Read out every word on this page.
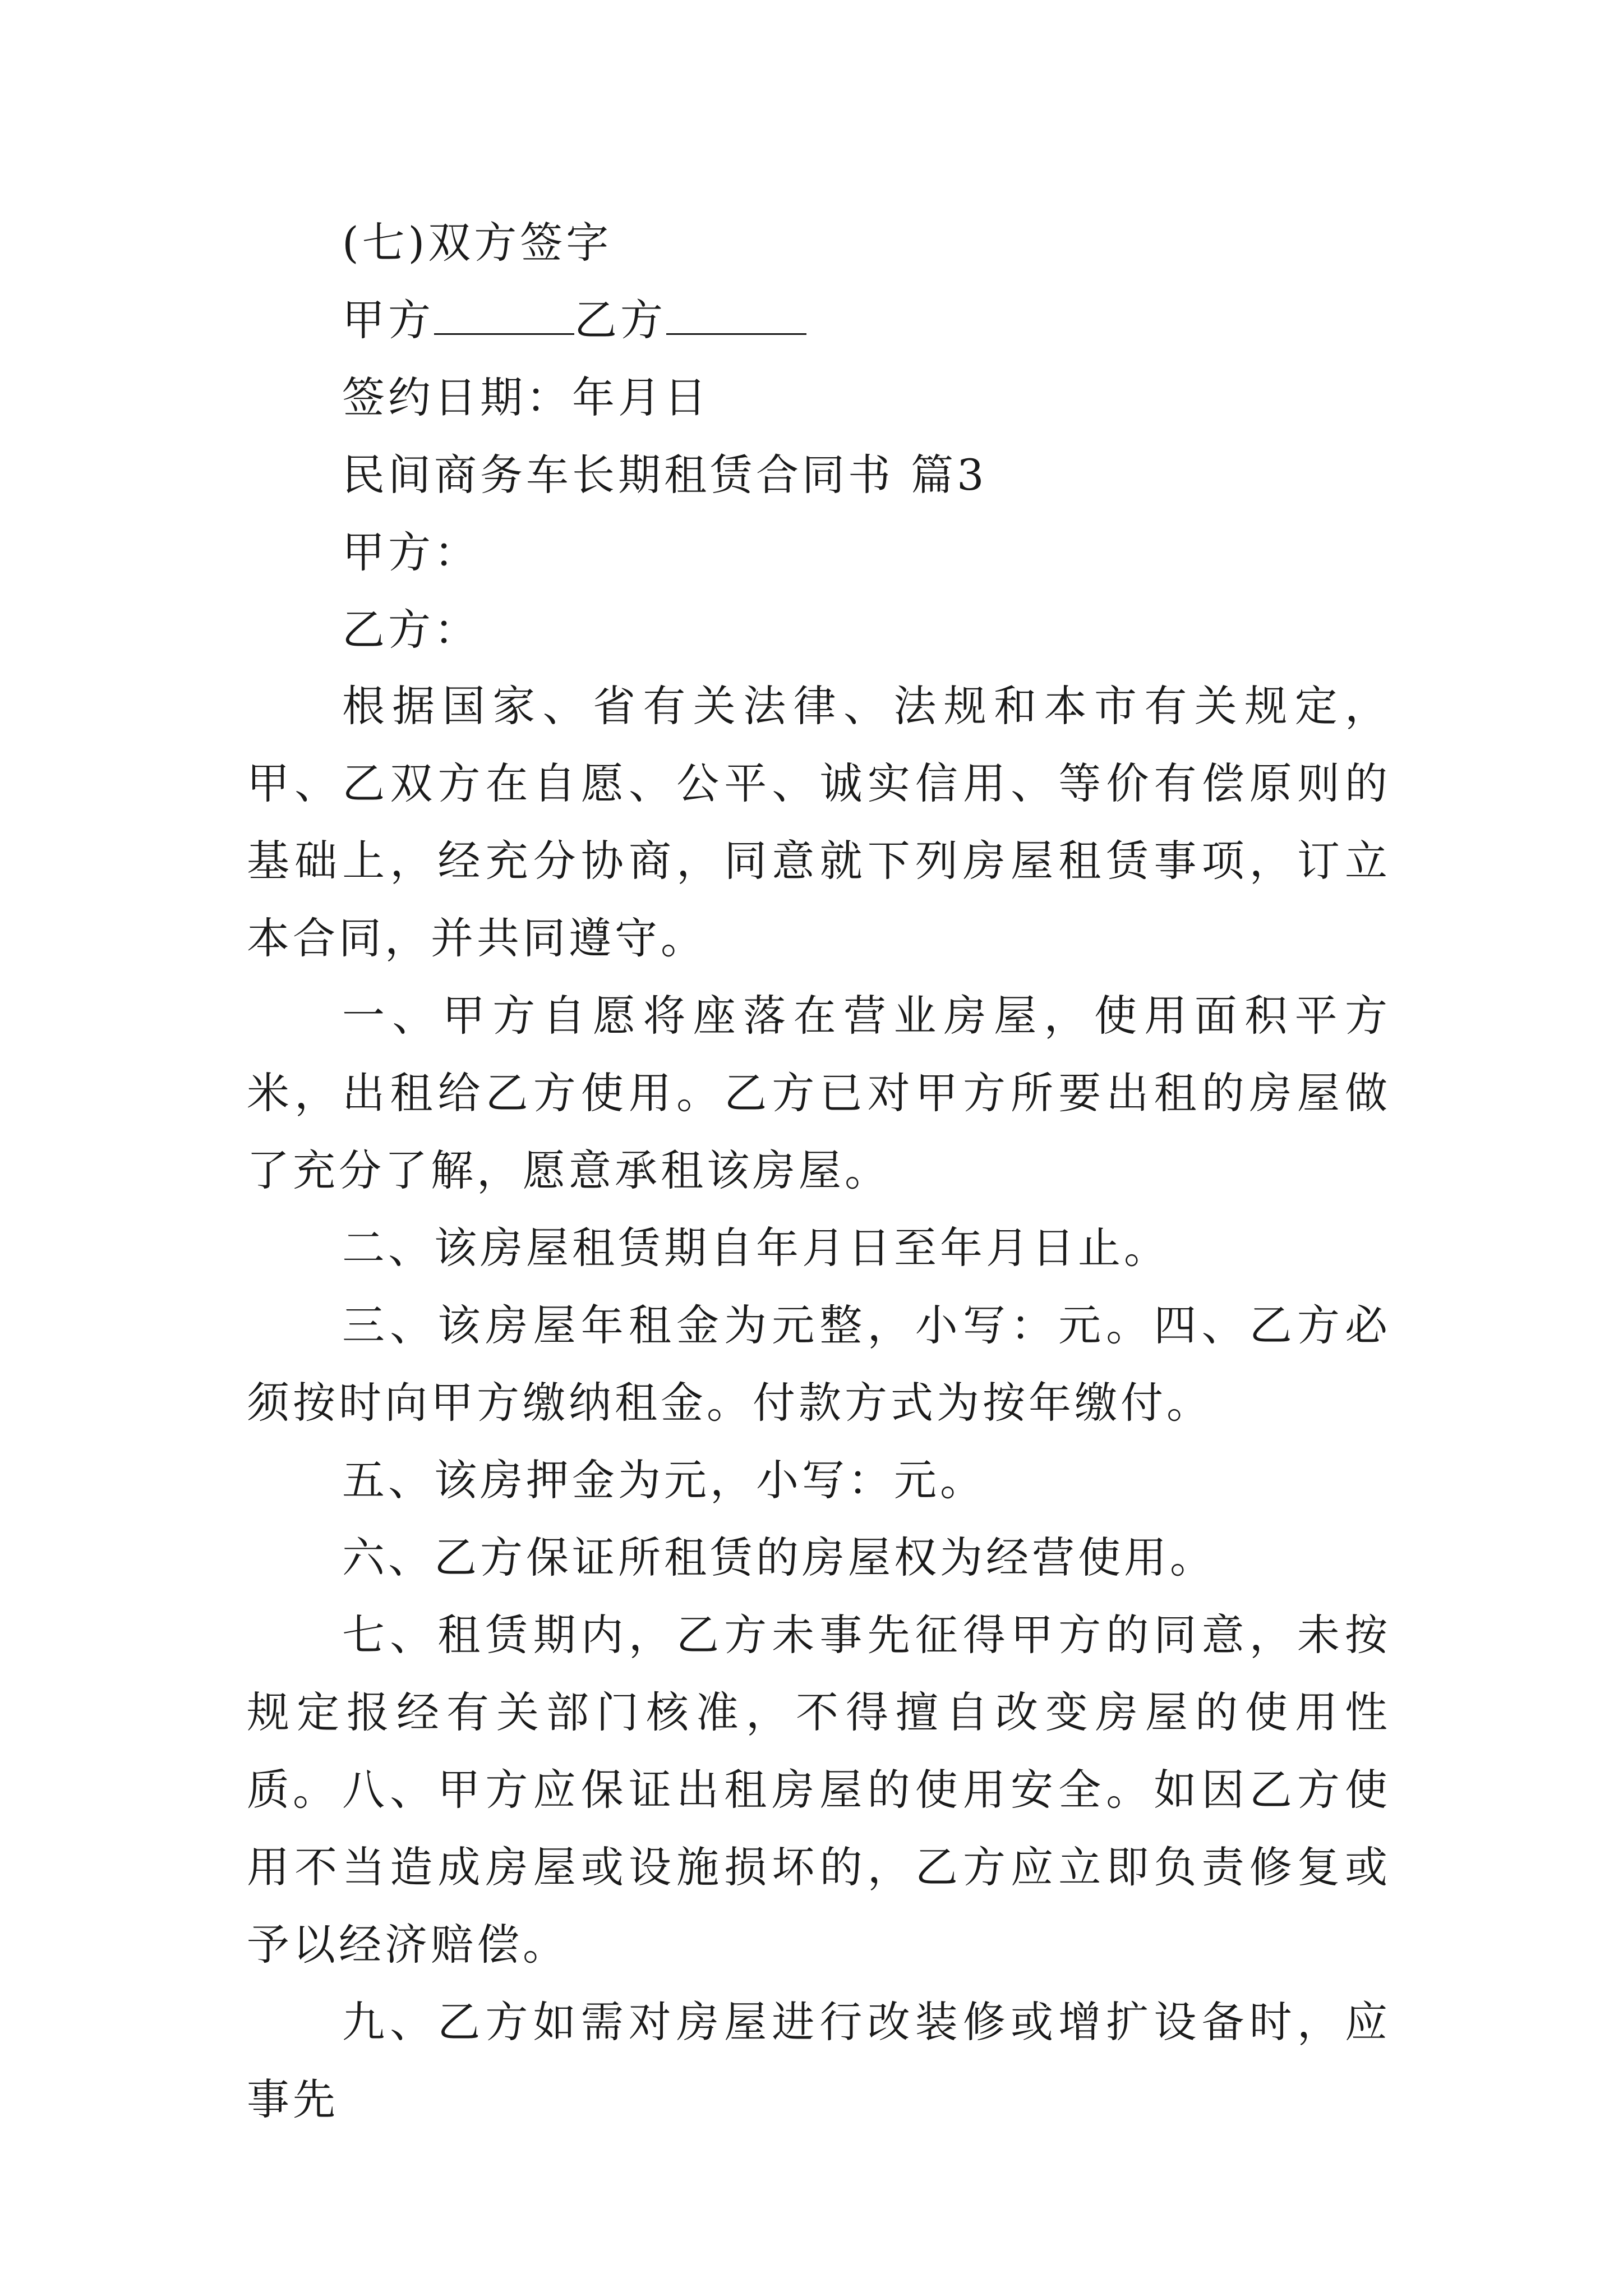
(七)双方签字
甲方	乙方
签约日期：年月日
民间商务车长期租赁合同书 篇3
甲方：
乙方：
根据国家、省有关法律、法规和本市有关规定，甲、乙双方在自愿、公平、诚实信用、等价有偿原则的基础上，经充分协商，同意就下列房屋租赁事项，订立本合同，并共同遵守。
一、甲方自愿将座落在营业房屋，使用面积平方米，出租给乙方使用。乙方已对甲方所要出租的房屋做了充分了解，愿意承租该房屋。
二、该房屋租赁期自年月日至年月日止。
三、该房屋年租金为元整，小写：元。四、乙方必须按时向甲方缴纳租金。付款方式为按年缴付。
五、该房押金为元，小写：元。
六、乙方保证所租赁的房屋权为经营使用。
七、租赁期内，乙方未事先征得甲方的同意，未按规定报经有关部门核准，不得擅自改变房屋的使用性质。 八、甲方应保证出租房屋的使用安全。如因乙方使用不当造成房屋或设施损坏的，乙方应立即负责修复或予以经济赔偿。
九、乙方如需对房屋进行改装修或增扩设备时，应事先
